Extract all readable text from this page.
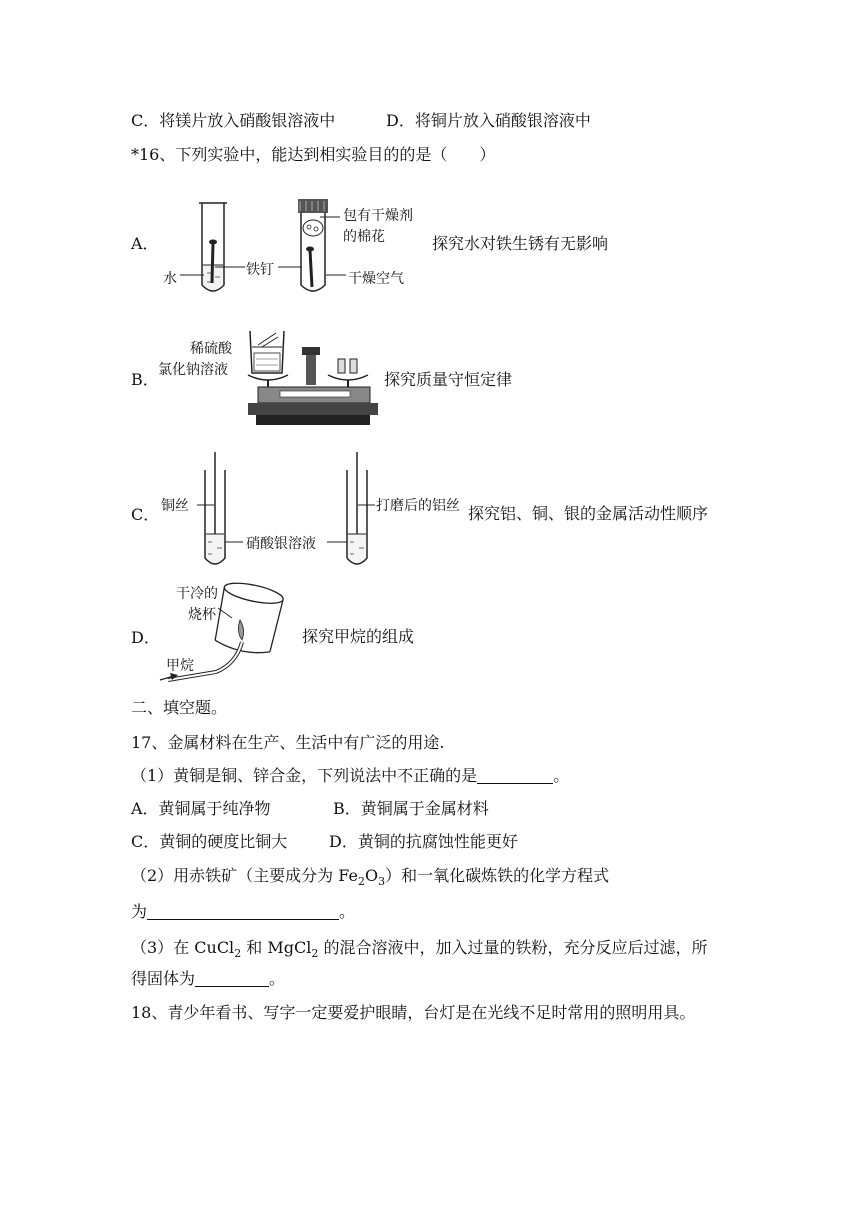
C．将镁片放入硝酸银溶液中	D．将铜片放入硝酸银溶液中
*16、下列实验中，能达到相实验目的的是（　　）
A．
水
铁钉
包有干燥剂
的棉花
干燥空气
探究水对铁生锈有无影响
B．
稀硫酸
氯化钠溶液	探究质量守恒定律
C． 铜丝
硝酸银溶液
打磨后的铝丝 探究铝、铜、银的金属活动性顺序
D．
干冷的
烧杯
甲烷
探究甲烷的组成
二、填空题。
17、金属材料在生产、生活中有广泛的用途.
（1）黄铜是铜、锌合金，下列说法中不正确的是	。
A．黄铜属于纯净物	B．黄铜属于金属材料
C．黄铜的硬度比铜大	D．黄铜的抗腐蚀性能更好
（2）用赤铁矿（主要成分为 $Fe_2O_3$）和一氧化碳炼铁的化学方程式
为	。
（3）在 CuCl$_2$ 和 MgCl$_2$ 的混合溶液中，加入过量的铁粉，充分反应后过滤，所
得固体为	。
18、青少年看书、写字一定要爱护眼睛，台灯是在光线不足时常用的照明用具。
